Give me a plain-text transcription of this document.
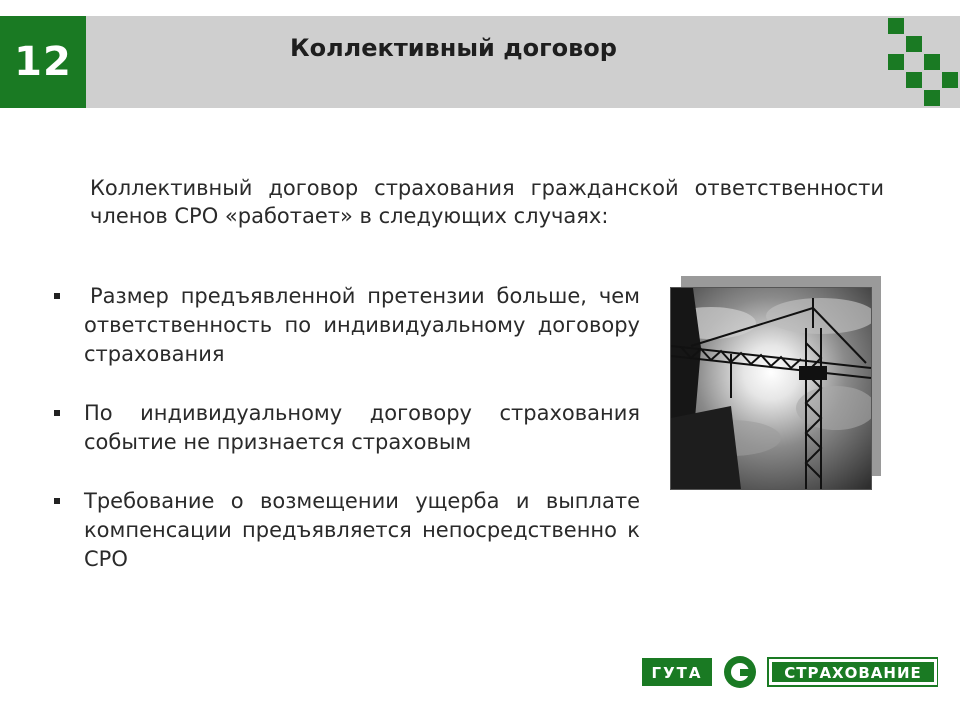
12	Коллективный договор
Коллективный договор страхования гражданской ответственности членов СРО «работает» в следующих случаях:
Размер предъявленной претензии больше, чем ответственность по индивидуальному договору страхования
По индивидуальному договору страхования событие не признается страховым
Требование о возмещении ущерба и выплате компенсации предъявляется непосредственно к СРО
ГУТА	СТРАХОВАНИЕ
